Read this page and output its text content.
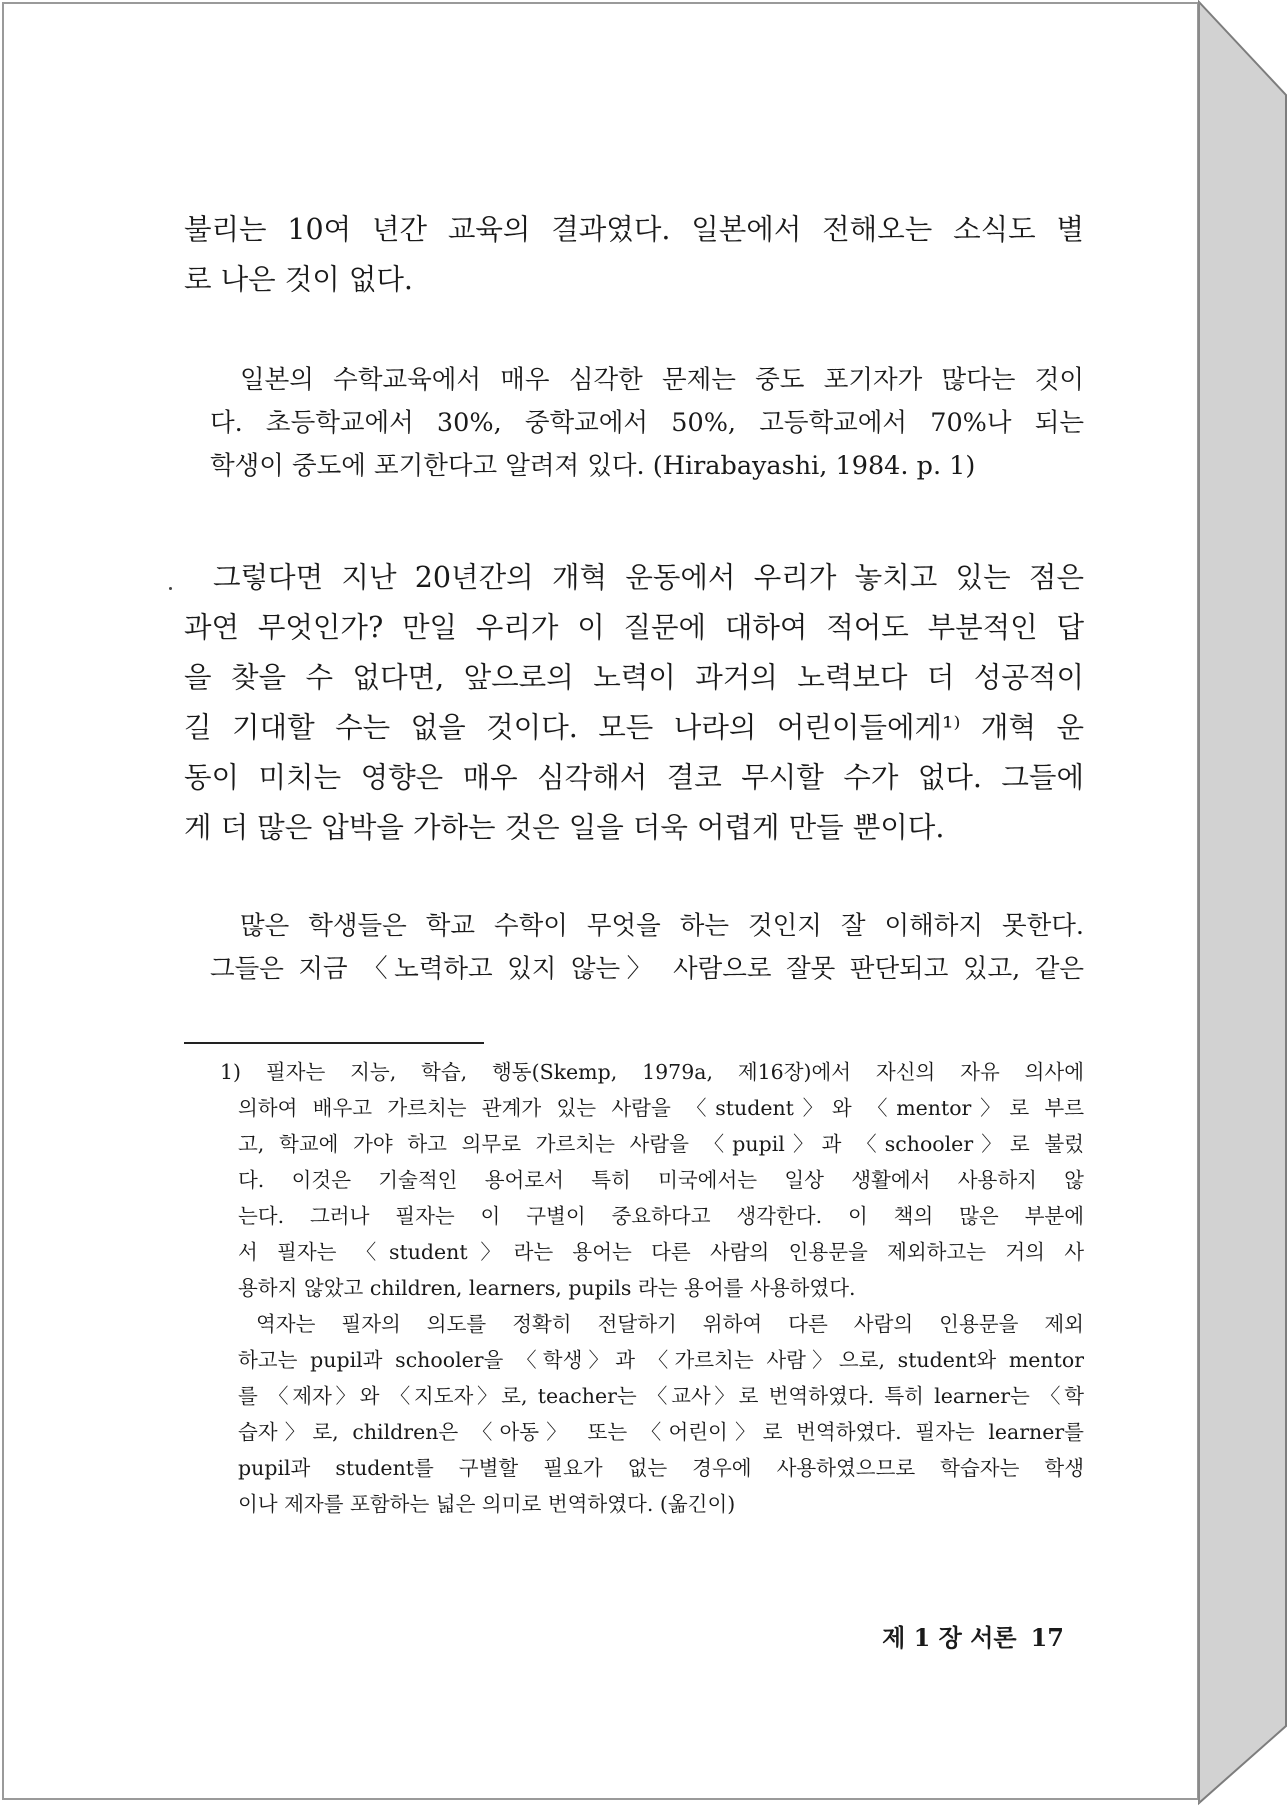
불리는 10여 년간 교육의 결과였다. 일본에서 전해오는 소식도 별
로 나은 것이 없다.
일본의 수학교육에서 매우 심각한 문제는 중도 포기자가 많다는 것이
다. 초등학교에서 30%, 중학교에서 50%, 고등학교에서 70%나 되는
학생이 중도에 포기한다고 알려져 있다. (Hirabayashi, 1984. p. 1)
그렇다면 지난 20년간의 개혁 운동에서 우리가 놓치고 있는 점은
과연 무엇인가? 만일 우리가 이 질문에 대하여 적어도 부분적인 답
을 찾을 수 없다면, 앞으로의 노력이 과거의 노력보다 더 성공적이
길 기대할 수는 없을 것이다. 모든 나라의 어린이들에게¹⁾ 개혁 운
동이 미치는 영향은 매우 심각해서 결코 무시할 수가 없다. 그들에
게 더 많은 압박을 가하는 것은 일을 더욱 어렵게 만들 뿐이다.
많은 학생들은 학교 수학이 무엇을 하는 것인지 잘 이해하지 못한다.
그들은 지금 〈노력하고 있지 않는〉 사람으로 잘못 판단되고 있고, 같은
1) 필자는 지능, 학습, 행동(Skemp, 1979a, 제16장)에서 자신의 자유 의사에
의하여 배우고 가르치는 관계가 있는 사람을 〈student〉와 〈mentor〉로 부르
고, 학교에 가야 하고 의무로 가르치는 사람을 〈pupil〉과 〈schooler〉로 불렀
다. 이것은 기술적인 용어로서 특히 미국에서는 일상 생활에서 사용하지 않
는다. 그러나 필자는 이 구별이 중요하다고 생각한다. 이 책의 많은 부분에
서 필자는 〈student〉라는 용어는 다른 사람의 인용문을 제외하고는 거의 사
용하지 않았고 children, learners, pupils 라는 용어를 사용하였다.
역자는 필자의 의도를 정확히 전달하기 위하여 다른 사람의 인용문을 제외
하고는 pupil과 schooler을 〈학생〉과 〈가르치는 사람〉으로, student와 mentor
를 〈제자〉와 〈지도자〉로, teacher는 〈교사〉로 번역하였다. 특히 learner는 〈학
습자〉로, children은 〈아동〉 또는 〈어린이〉로 번역하였다. 필자는 learner를
pupil과 student를 구별할 필요가 없는 경우에 사용하였으므로 학습자는 학생
이나 제자를 포함하는 넓은 의미로 번역하였다. (옮긴이)
제 1 장 서론 17
